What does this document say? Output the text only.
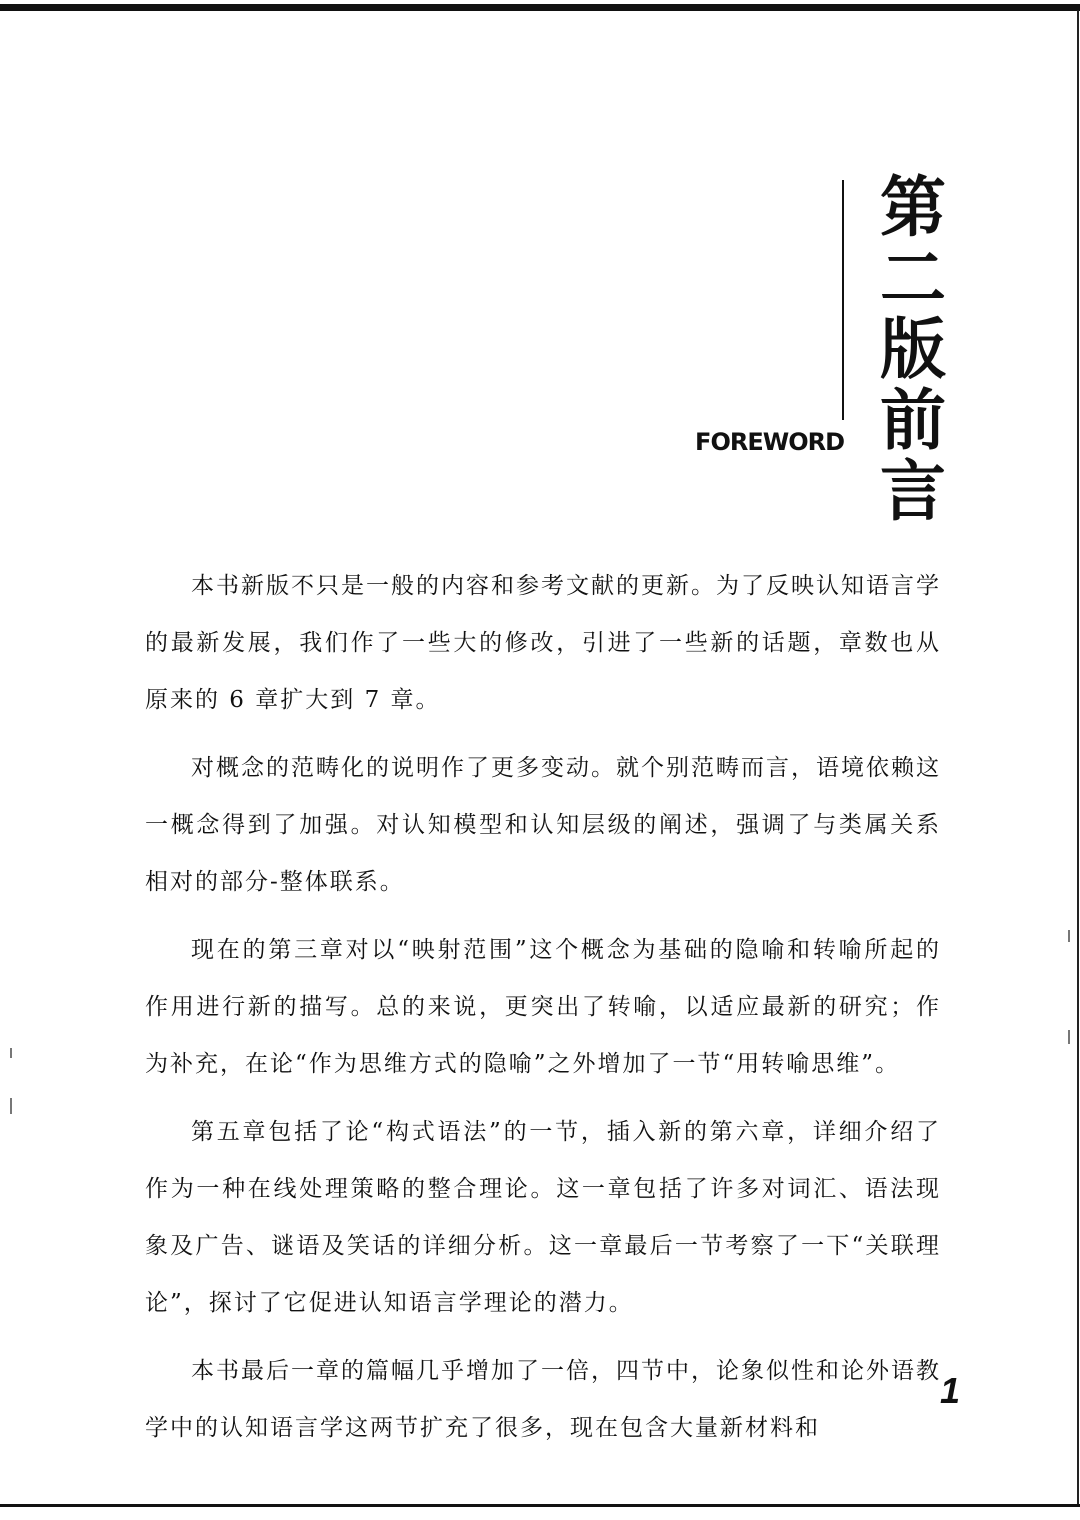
第二版前言
FOREWORD

本书新版不只是一般的内容和参考文献的更新。为了反映认知语言学的最新发展，我们作了一些大的修改，引进了一些新的话题，章数也从原来的 6 章扩大到 7 章。

对概念的范畴化的说明作了更多变动。就个别范畴而言，语境依赖这一概念得到了加强。对认知模型和认知层级的阐述，强调了与类属关系相对的部分-整体联系。

现在的第三章对以“映射范围”这个概念为基础的隐喻和转喻所起的作用进行新的描写。总的来说，更突出了转喻，以适应最新的研究；作为补充，在论“作为思维方式的隐喻”之外增加了一节“用转喻思维”。

第五章包括了论“构式语法”的一节，插入新的第六章，详细介绍了作为一种在线处理策略的整合理论。这一章包括了许多对词汇、语法现象及广告、谜语及笑话的详细分析。这一章最后一节考察了一下“关联理论”，探讨了它促进认知语言学理论的潜力。

本书最后一章的篇幅几乎增加了一倍，四节中，论象似性和论外语教学中的认知语言学这两节扩充了很多，现在包含大量新材料和

1
